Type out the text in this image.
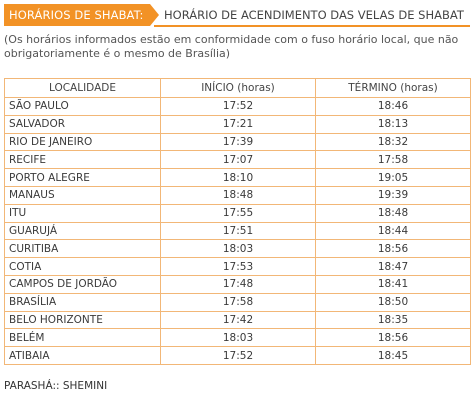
HORÁRIOS DE SHABAT:	HORÁRIO DE ACENDIMENTO DAS VELAS DE SHABAT
(Os horários informados estão em conformidade com o fuso horário local, que não obrigatoriamente é o mesmo de Brasília)
LOCALIDADE	INÍCIO (horas)	TÉRMINO (horas)
SÃO PAULO	17:52	18:46
SALVADOR	17:21	18:13
RIO DE JANEIRO	17:39	18:32
RECIFE	17:07	17:58
PORTO ALEGRE	18:10	19:05
MANAUS	18:48	19:39
ITU	17:55	18:48
GUARUJÁ	17:51	18:44
CURITIBA	18:03	18:56
COTIA	17:53	18:47
CAMPOS DE JORDÃO	17:48	18:41
BRASÍLIA	17:58	18:50
BELO HORIZONTE	17:42	18:35
BELÉM	18:03	18:56
ATIBAIA	17:52	18:45
PARASHÁ:: SHEMINI
